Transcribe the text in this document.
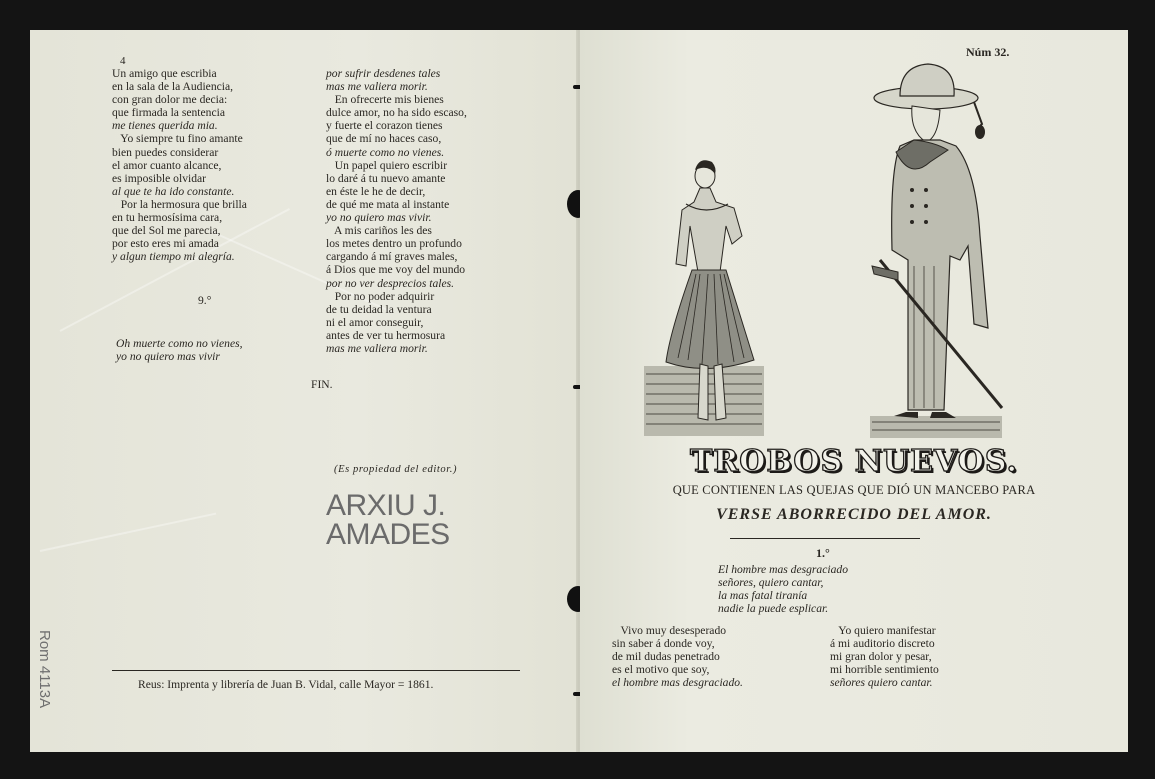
4
Un amigo que escribia
en la sala de la Audiencia,
con gran dolor me decia:
que firmada la sentencia
me tienes querida mia.
Yo siempre tu fino amante
bien puedes considerar
el amor cuanto alcance,
es imposible olvidar
al que te ha ido constante.
Por la hermosura que brilla
en tu hermosísima cara,
que del Sol me parecia,
por esto eres mi amada
y algun tiempo mi alegría.
9.°
Oh muerte como no vienes,
yo no quiero mas vivir
por sufrir desdenes tales
mas me valiera morir.
En ofrecerte mis bienes
dulce amor, no ha sido escaso,
y fuerte el corazon tienes
que de mí no haces caso,
ó muerte como no vienes.
Un papel quiero escribir
lo daré á tu nuevo amante
en éste le he de decir,
de qué me mata al instante
yo no quiero mas vivir.
A mis cariños les des
los metes dentro un profundo
cargando á mí graves males,
á Dios que me voy del mundo
por no ver desprecios tales.
Por no poder adquirir
de tu deidad la ventura
ni el amor conseguir,
antes de ver tu hermosura
mas me valiera morir.
FIN.
(Es propiedad del editor.)
ARXIU J.
AMADES
Rom 4113A	Reus: Imprenta y librería de Juan B. Vidal, calle Mayor = 1861.
Núm 32.
TROBOS NUEVOS.
QUE CONTIENEN LAS QUEJAS QUE DIÓ UN MANCEBO PARA
VERSE ABORRECIDO DEL AMOR.
1.°
El hombre mas desgraciado
señores, quiero cantar,
la mas fatal tiranía
nadie la puede esplicar.
Vivo muy desesperado
sin saber á donde voy,
de mil dudas penetrado
es el motivo que soy,
el hombre mas desgraciado.
Yo quiero manifestar
á mi auditorio discreto
mi gran dolor y pesar,
mi horrible sentimiento
señores quiero cantar.
